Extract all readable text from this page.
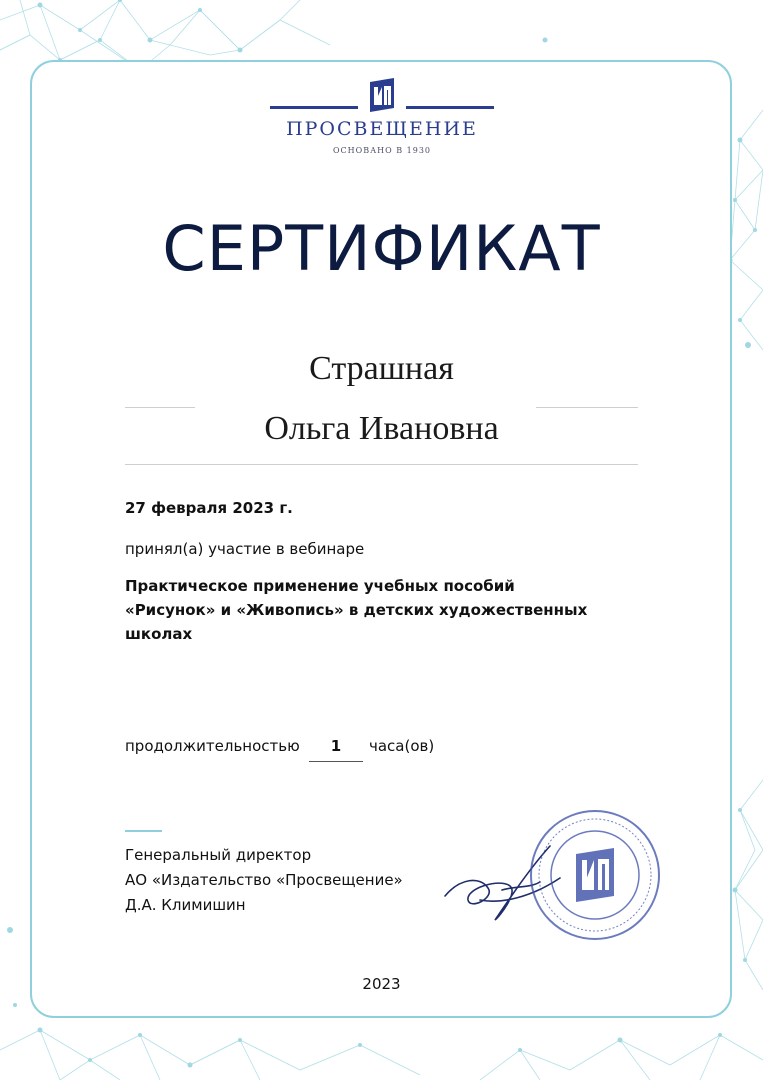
ПРОСВЕЩЕНИЕ
ОСНОВАНО В 1930
СЕРТИФИКАТ
Страшная
Ольга Ивановна
27 февраля 2023 г.
принял(а) участие в вебинаре
Практическое применение учебных пособий
«Рисунок» и «Живопись» в детских художественных
школах
продолжительностью	1	часа(ов)
Генеральный директор
АО «Издательство «Просвещение»
Д.А. Климишин
2023
